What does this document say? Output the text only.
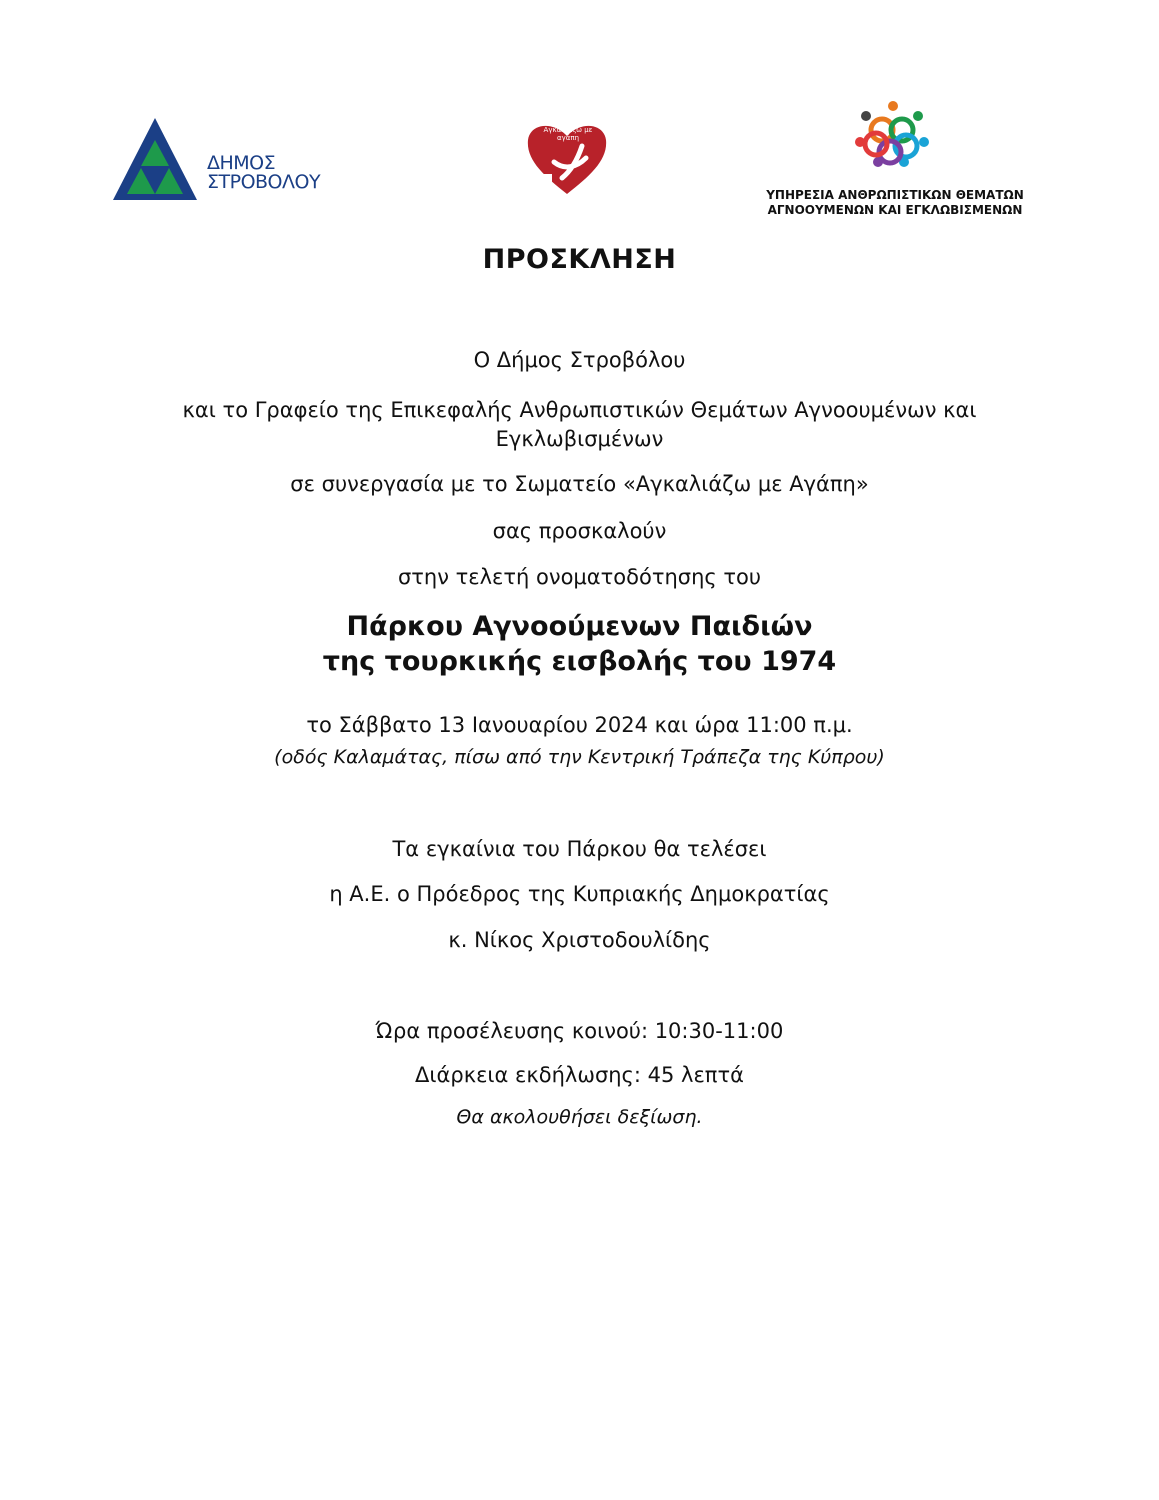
ΔΗΜΟΣ
ΣΤΡΟΒΟΛΟΥ
Αγκαλιάζω με αγάπη
ΥΠΗΡΕΣΙΑ ΑΝΘΡΩΠΙΣΤΙΚΩΝ ΘΕΜΑΤΩΝ
ΑΓΝΟΟΥΜΕΝΩΝ ΚΑΙ ΕΓΚΛΩΒΙΣΜΕΝΩΝ
ΠΡΟΣΚΛΗΣΗ
Ο Δήμος Στροβόλου
και το Γραφείο της Επικεφαλής Ανθρωπιστικών Θεμάτων Αγνοουμένων και
Εγκλωβισμένων
σε συνεργασία με το Σωματείο «Αγκαλιάζω με Αγάπη»
σας προσκαλούν
στην τελετή ονοματοδότησης του
Πάρκου Αγνοούμενων Παιδιών
της τουρκικής εισβολής του 1974
το Σάββατο 13 Ιανουαρίου 2024 και ώρα 11:00 π.μ.
(οδός Καλαμάτας, πίσω από την Κεντρική Τράπεζα της Κύπρου)
Τα εγκαίνια του Πάρκου θα τελέσει
η Α.Ε. ο Πρόεδρος της Κυπριακής Δημοκρατίας
κ. Νίκος Χριστοδουλίδης
Ώρα προσέλευσης κοινού: 10:30-11:00
Διάρκεια εκδήλωσης: 45 λεπτά
Θα ακολουθήσει δεξίωση.
